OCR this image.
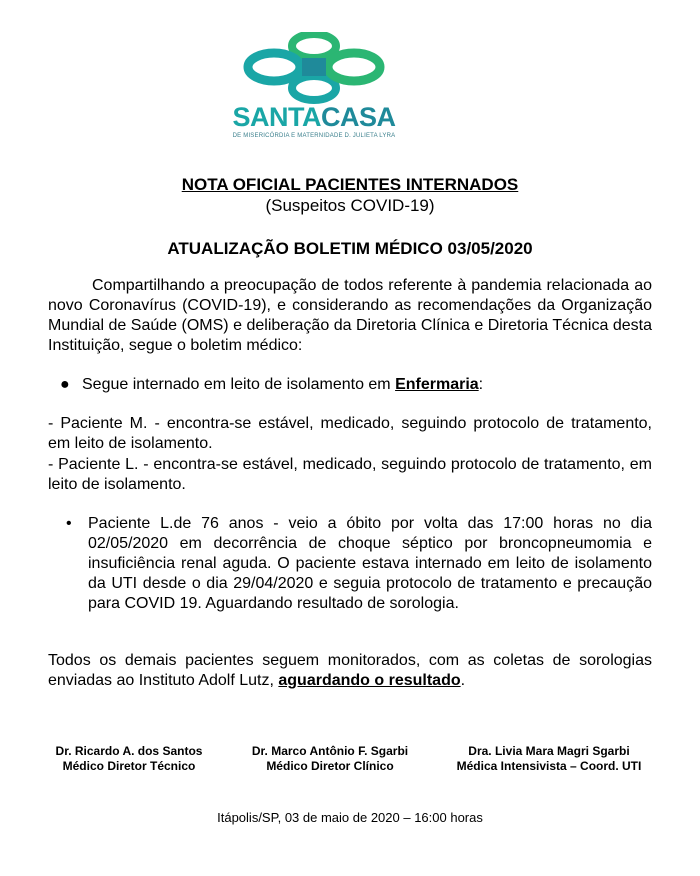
SANTACASA
DE MISERICÓRDIA E MATERNIDADE D. JULIETA LYRA
NOTA OFICIAL PACIENTES INTERNADOS
(Suspeitos COVID-19)
ATUALIZAÇÃO BOLETIM MÉDICO 03/05/2020
Compartilhando a preocupação de todos referente à pandemia relacionada ao novo Coronavírus (COVID-19), e considerando as recomendações da Organização Mundial de Saúde (OMS) e deliberação da Diretoria Clínica e Diretoria Técnica desta Instituição, segue o boletim médico:
● Segue internado em leito de isolamento em Enfermaria:
- Paciente M. - encontra-se estável, medicado, seguindo protocolo de tratamento, em leito de isolamento.
- Paciente L. - encontra-se estável, medicado, seguindo protocolo de tratamento, em leito de isolamento.
•	Paciente L.de 76 anos - veio a óbito por volta das 17:00 horas no dia 02/05/2020 em decorrência de choque séptico por broncopneumomia e insuficiência renal aguda. O paciente estava internado em leito de isolamento da UTI desde o dia 29/04/2020 e seguia protocolo de tratamento e precaução para COVID 19. Aguardando resultado de sorologia.
Todos os demais pacientes seguem monitorados, com as coletas de sorologias enviadas ao Instituto Adolf Lutz, aguardando o resultado.
Dr. Ricardo A. dos Santos
Médico Diretor Técnico
Dr. Marco Antônio F. Sgarbi
Médico Diretor Clínico
Dra. Livia Mara Magri Sgarbi
Médica Intensivista – Coord. UTI
Itápolis/SP, 03 de maio de 2020 – 16:00 horas
